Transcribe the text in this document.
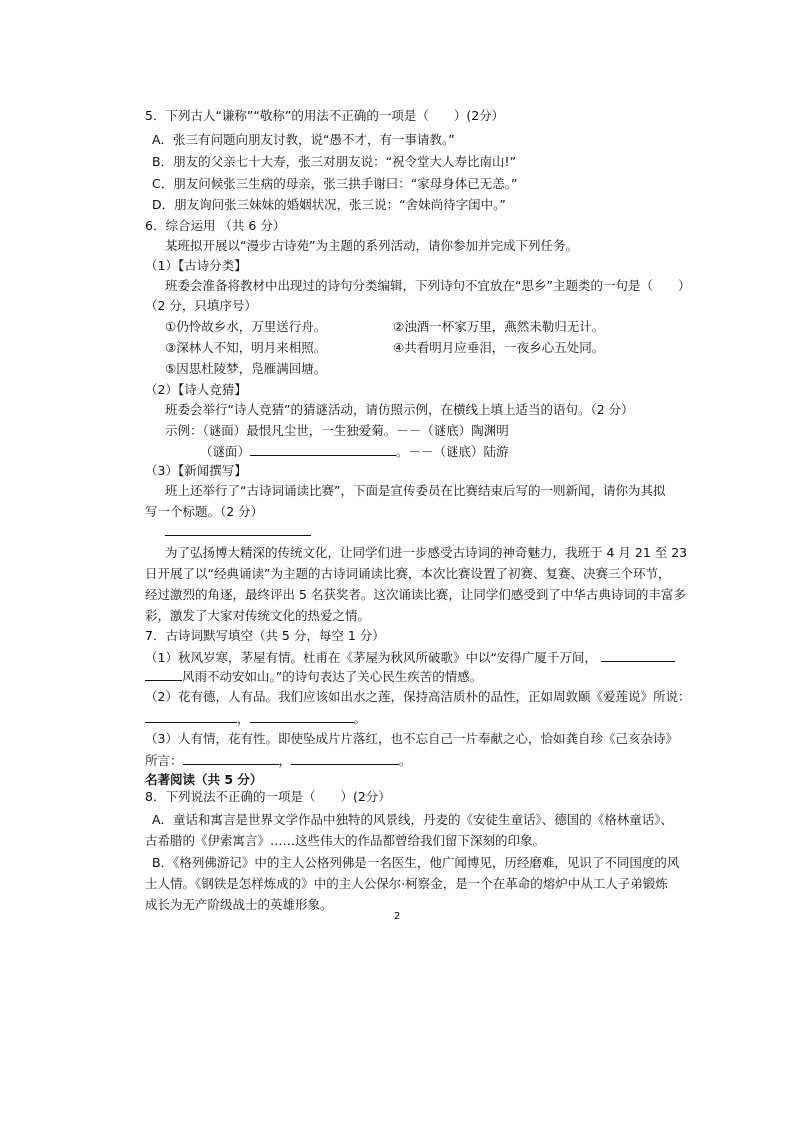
5．下列古人“谦称”“敬称”的用法不正确的一项是（　　）(2分）
A．张三有问题向朋友讨教，说“愚不才，有一事请教。”
B．朋友的父亲七十大寿，张三对朋友说：“祝令堂大人寿比南山!”
C．朋友问候张三生病的母亲，张三拱手谢曰：“家母身体已无恙。”
D．朋友询问张三妹妹的婚姻状况，张三说：“舍妹尚待字闺中。”
6．综合运用 （共 6 分）
某班拟开展以“漫步古诗苑”为主题的系列活动，请你参加并完成下列任务。
（1）【古诗分类】
班委会准备将教材中出现过的诗句分类编辑，下列诗句不宜放在“思乡”主题类的一句是（　　）
（2 分，只填序号）
①仍怜故乡水，万里送行舟。	②浊酒一杯家万里，燕然未勒归无计。
③深林人不知，明月来相照。	④共看明月应垂泪，一夜乡心五处同。
⑤因思杜陵梦，凫雁满回塘。
（2）【诗人竞猜】
班委会举行“诗人竞猜”的猜谜活动，请仿照示例，在横线上填上适当的语句。（2 分）
示例：（谜面）最恨凡尘世，一生独爱菊。－－（谜底）陶渊明
（谜面）	。－－（谜底）陆游
（3）【新闻撰写】
班上还举行了“古诗词诵读比赛”，下面是宣传委员在比赛结束后写的一则新闻，请你为其拟
写一个标题。（2 分）
为了弘扬博大精深的传统文化，让同学们进一步感受古诗词的神奇魅力，我班于 4 月 21 至 23
日开展了以“经典诵读”为主题的古诗词诵读比赛，本次比赛设置了初赛、复赛、决赛三个环节，
经过激烈的角逐，最终评出 5 名获奖者。这次诵读比赛，让同学们感受到了中华古典诗词的丰富多
彩，激发了大家对传统文化的热爱之情。
7．古诗词默写填空（共 5 分，每空 1 分）
（1）秋风岁寒，茅屋有情。杜甫在《茅屋为秋风所破歌》中以“安得广厦千万间，
风雨不动安如山。”的诗句表达了关心民生疾苦的情感。
（2）花有德，人有品。我们应该如出水之莲，保持高洁质朴的品性，正如周敦颐《爱莲说》所说：
，	。
（3）人有情，花有性。即使坠成片片落红，也不忘自己一片奉献之心，恰如龚自珍《己亥杂诗》
所言：	，	。
名著阅读（共 5 分）
8．下列说法不正确的一项是（　　）(2分）
A．童话和寓言是世界文学作品中独特的风景线，丹麦的《安徒生童话》、德国的《格林童话》、
古希腊的《伊索寓言》……这些伟大的作品都曾给我们留下深刻的印象。
B．《格列佛游记》中的主人公格列佛是一名医生，他广闻博见，历经磨难，见识了不同国度的风
土人情。《钢铁是怎样炼成的》中的主人公保尔·柯察金，是一个在革命的熔炉中从工人子弟锻炼
成长为无产阶级战士的英雄形象。
2
